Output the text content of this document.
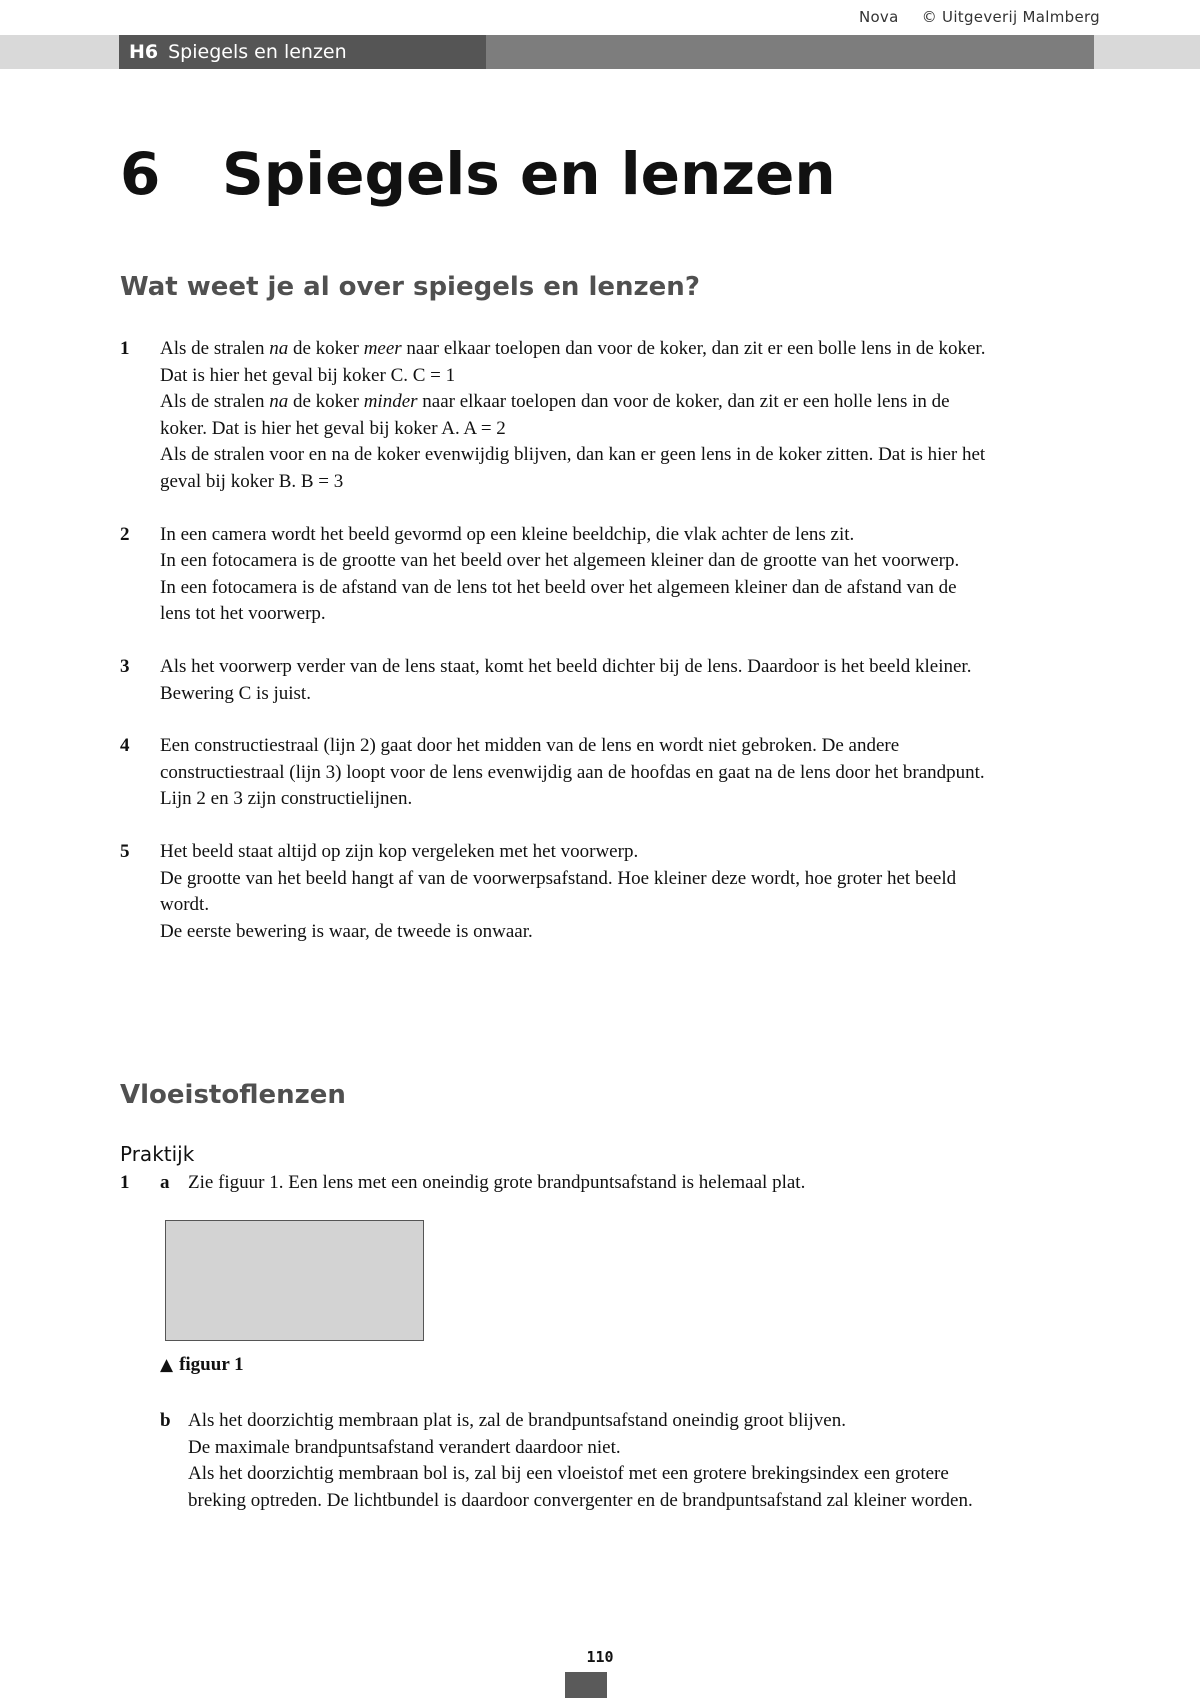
Nova © Uitgeverij Malmberg
H6 Spiegels en lenzen
6 Spiegels en lenzen
Wat weet je al over spiegels en lenzen?
1	Als de stralen na de koker meer naar elkaar toelopen dan voor de koker, dan zit er een bolle lens in de koker. Dat is hier het geval bij koker C. C = 1

Als de stralen na de koker minder naar elkaar toelopen dan voor de koker, dan zit er een holle lens in de koker. Dat is hier het geval bij koker A. A = 2

Als de stralen voor en na de koker evenwijdig blijven, dan kan er geen lens in de koker zitten. Dat is hier het geval bij koker B. B = 3

2	In een camera wordt het beeld gevormd op een kleine beeldchip, die vlak achter de lens zit.

In een fotocamera is de grootte van het beeld over het algemeen kleiner dan de grootte van het voorwerp.

In een fotocamera is de afstand van de lens tot het beeld over het algemeen kleiner dan de afstand van de lens tot het voorwerp.

3	Als het voorwerp verder van de lens staat, komt het beeld dichter bij de lens. Daardoor is het beeld kleiner.

Bewering C is juist.

4	Een constructiestraal (lijn 2) gaat door het midden van de lens en wordt niet gebroken. De andere constructiestraal (lijn 3) loopt voor de lens evenwijdig aan de hoofdas en gaat na de lens door het brandpunt.

Lijn 2 en 3 zijn constructielijnen.

5	Het beeld staat altijd op zijn kop vergeleken met het voorwerp.

De grootte van het beeld hangt af van de voorwerpsafstand. Hoe kleiner deze wordt, hoe groter het beeld wordt.

De eerste bewering is waar, de tweede is onwaar.

Vloeistoflenzen
Praktijk
1	a Zie figuur 1. Een lens met een oneindig grote brandpuntsafstand is helemaal plat.
▲ figuur 1
b Als het doorzichtig membraan plat is, zal de brandpuntsafstand oneindig groot blijven.

De maximale brandpuntsafstand verandert daardoor niet.

Als het doorzichtig membraan bol is, zal bij een vloeistof met een grotere brekingsindex een grotere breking optreden. De lichtbundel is daardoor convergenter en de brandpuntsafstand zal kleiner worden.

110
